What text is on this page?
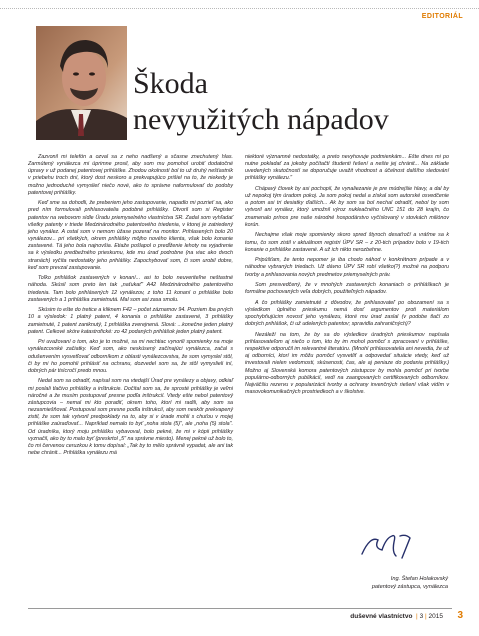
EDITORIÁL
Škoda
nevyužitých nápadov

Zazvonil mi telefón a ozval sa z neho nadšený a sčasne znechutený hlas. Zarmútený vynálezca mi úprimne prosil, aby som mu pomohol urobiť dodatočné úpravy v už podanej patentovej prihláške. Zhodou okolností bol to už druhý nešťastník v priebehu troch dní, ktorý dost neskoro a prekvapujúco prišiel na to, že niekedy je možno jednoduché vymyslieť niečo nové, ako to správne naformulovať do podoby patentovej prihlášky.

Keď sme sa dohodli, že preberiem jeho zastupovanie, napadlo mi pozrieť sa, ako pred ním formulovali prihlasovatelia podobné prihlášky. Otvoril som si Register patentov na webovom sídle Úradu priemyselného vlastníctva SR. Zadal som vyhľadať všetky patenty v triede Medzinárodného patentového triedenia, v ktorej je zatriedený jeho vynález. A ostal som v nemom úžase pozerať na monitor. Prihlasených bolo 20 vynálezov... pri všetkých, okrem prihlášky môjho nového klienta, však bolo konanie zastavené. Tá jeho bola najnovšia. Etiaže pošlapol o predĺženie lehoty na vyjadrenie sa k výsledku predbežného prieskumu, kde mu úrad podrobne (na viac ako dvoch stranách) vyčíta nedostatky jeho prihlášky. Zapochybovať som, či som urobil dobre, keď som prevzal zastupovanie.

Toľko prihlášok zastavených v konaní... asi to bolo neuveriteľne neštastné náhoda. Skúsil som preto len tak „naťukať" A42 Medzinárodného patentového triedenia. Tam bolo prihlásených 12 vynálezov, z toho 11 konaní o prihláške bolo zastavených a 1 prihláška zamietnutá. Mal som asi zasa smolu.

Skúsim to ešte do tretice a kliknem F42 – počet záznamov 94. Pozriem iba prvých 10 a výsledok: 1 platný patent, 4 konania o prihláške zastavené, 3 prihlášky zamietnuté, 1 patent zaniknutý, 1 prihláška zverejnená. Slová: ...konečne jeden platný patent. Celkové skóre katastrofické: zo 42 podaných prihlášok jeden platný patent.

Pri uvažovaní o tom, ako je to možné, sa mi nechtiac vynorili spomienky na moje vynálezcovské začiatky. Keď som, ako neskúsený začínajúci vynálezca, začal s odušenvením vysvetľovať odborníkom z oblasti vynálezcovstva, že som vymyslel stôl, či by mi ho pomohli prihlásiť na ochranu, dozvedel som sa, že stôl vymyslieli iní, dobrých pár tisícročí predo mnou.

Nedal som sa odradiť, napísal som na vtedajší Úrad pre vynálezy a objavy, odkiaľ mi poslali tlačivo prihlášky a inštrukcie. Dočítal som sa, že sprosté prihlášky je veľmi náročné a že musím postupovať presne podľa inštrukcií. Vtedy ešte nebol patentový zástupcovia – nemal mi kto poradiť, okrem toho, ktorí mi radili, aby som sa nezasmiešňoval. Postupoval som presne podľa inštrukcií, aby som neskôr prekvapený zistil, že som tak vytvoril predpoklady na to, aby si v úrade mohli s chuťou v mojej prihláške zaúraďovať... Napríklad nemalo to byť „noha stola (5)", ale „noha (5) stola". Od úradníka, ktorý moju prihlášku vybavoval, bolo pekné, že mi v kópii prihlášky vyznačil, ako by to malo byť (preskrtol „5" na správne miesto). Menej pekné už bolo to, čo mi červenou ceruzkou k tomu dopísal: „Tak by to mělo správně vypadat, ale ani tak nebe chránit... Prihláška vynálezu má

niektoré významné nedostatky, a preto nevyhovuje podmienkám... Ešte dnes mi po nutne pokladať za jokoby počítačtí študenti řešení a nešte jej chránit... Na základe uvedených skutočností se doporučuje uvažit vhodnost a účelnost dalšího sledování prihlášky vynálezu."

Chápavý človek by asi pochopil, že vynaliezanie je pre múdrejšie hlavy, a dal by už nepokoj tým úradom pokoj. Ja som pokoj nedal a získal som autorské osvedčenie a potom asi tri desiatky ďalších... Ak by som sa bol nechal odradiť, nebol by som vytvoril ani vynález, ktorý umožnil výroz nukleačného UNC 151 do 28 krajín, čo znamenalo prínos pre naše národné hospodárstvo vyčíslovaný v stovkách miliónov korún.

Nechajme však moje spomienky skoro spred štyroch desaťročí a vráťme sa k tomu, čo som zistil v aktuálnom registri ÚPV SR – z 20-tich prípadov bolo v 19-tich konanie o prihláške zastavené. A už ich nikto nerozbehne.

Pripúšťam, že tento nepomer je iba chodo náhod v konkrétnom prípade a v náhodne vybraných triedach. Už dávno ÚPV SR robí všetko(?) možné na podporu tvorby a prihlasovania nových predmetov priemyselných práv.

Som presvedčený, že v mnohých zastavených konaniach o prihláškach je formálne pochovaných veľa dobrých, použiteľných nápadov.

A čo prihlášky zamietnuté z dôvodov, že prihlasovateľ po obozamení sa s výsledkom úplného prieskumu nemá dosť argumentov proti materiálom spochybňujúcim novosť jeho vynálezu, ktoré mu úrad zaslal (v podobe tlačí zo dobrých prihlášok, či už udelených patentov; spravidla zahraničných)?

Nezáleží na tom, že by sa do výsledkov úradných prieskumov napísala prihlasovateľom aj niečo o tom, kto by im mohol pomôcť s zpracovaní v prihláške, respektíve odporučil im relevantné literatúru. (Mnohí prihlasovatelia ani nevedia, že už aj odborníci, ktorí im môžu pomôcť vysvetliť a odpovedať situácie vtedy, keď už investovali nielen vedomosti, skúsenosti, čas, ale aj peniaze do podania prihlášky.) Možno aj Slovenská komora patentových zástupcov by mohla pomôcť pri tvorbe populárno-odborných publikácií, vedí na zaangovaných certifikovaných odborníkov. Najväčšiu rezervu v popularizácii tvorby a ochrany invenčných riešení však vidím v masovokomunikačných prostriedkoch a v školstve.

Ing. Štefan Holakovský
patentový zástupca, vynálezca
duševné vlastníctvo  | 3 | 2015	3
